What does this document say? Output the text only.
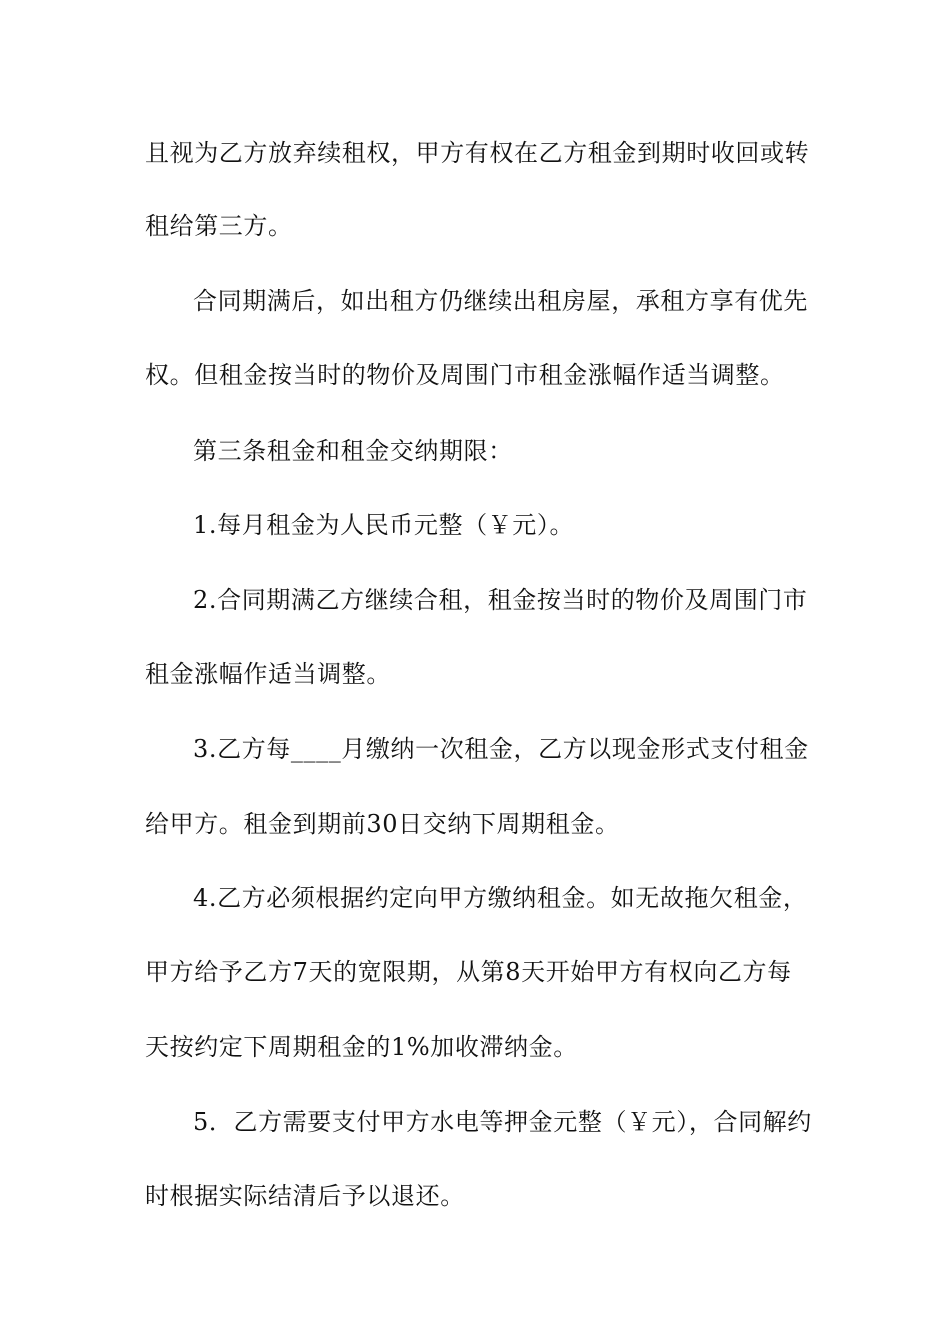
且视为乙方放弃续租权，甲方有权在乙方租金到期时收回或转
租给第三方。
合同期满后，如出租方仍继续出租房屋，承租方享有优先
权。但租金按当时的物价及周围门市租金涨幅作适当调整。
第三条租金和租金交纳期限：
1.每月租金为人民币元整（￥元）。
2.合同期满乙方继续合租，租金按当时的物价及周围门市
租金涨幅作适当调整。
3.乙方每____月缴纳一次租金，乙方以现金形式支付租金
给甲方。租金到期前30日交纳下周期租金。
4.乙方必须根据约定向甲方缴纳租金。如无故拖欠租金，
甲方给予乙方7天的宽限期，从第8天开始甲方有权向乙方每
天按约定下周期租金的1%加收滞纳金。
5．乙方需要支付甲方水电等押金元整（￥元），合同解约
时根据实际结清后予以退还。
